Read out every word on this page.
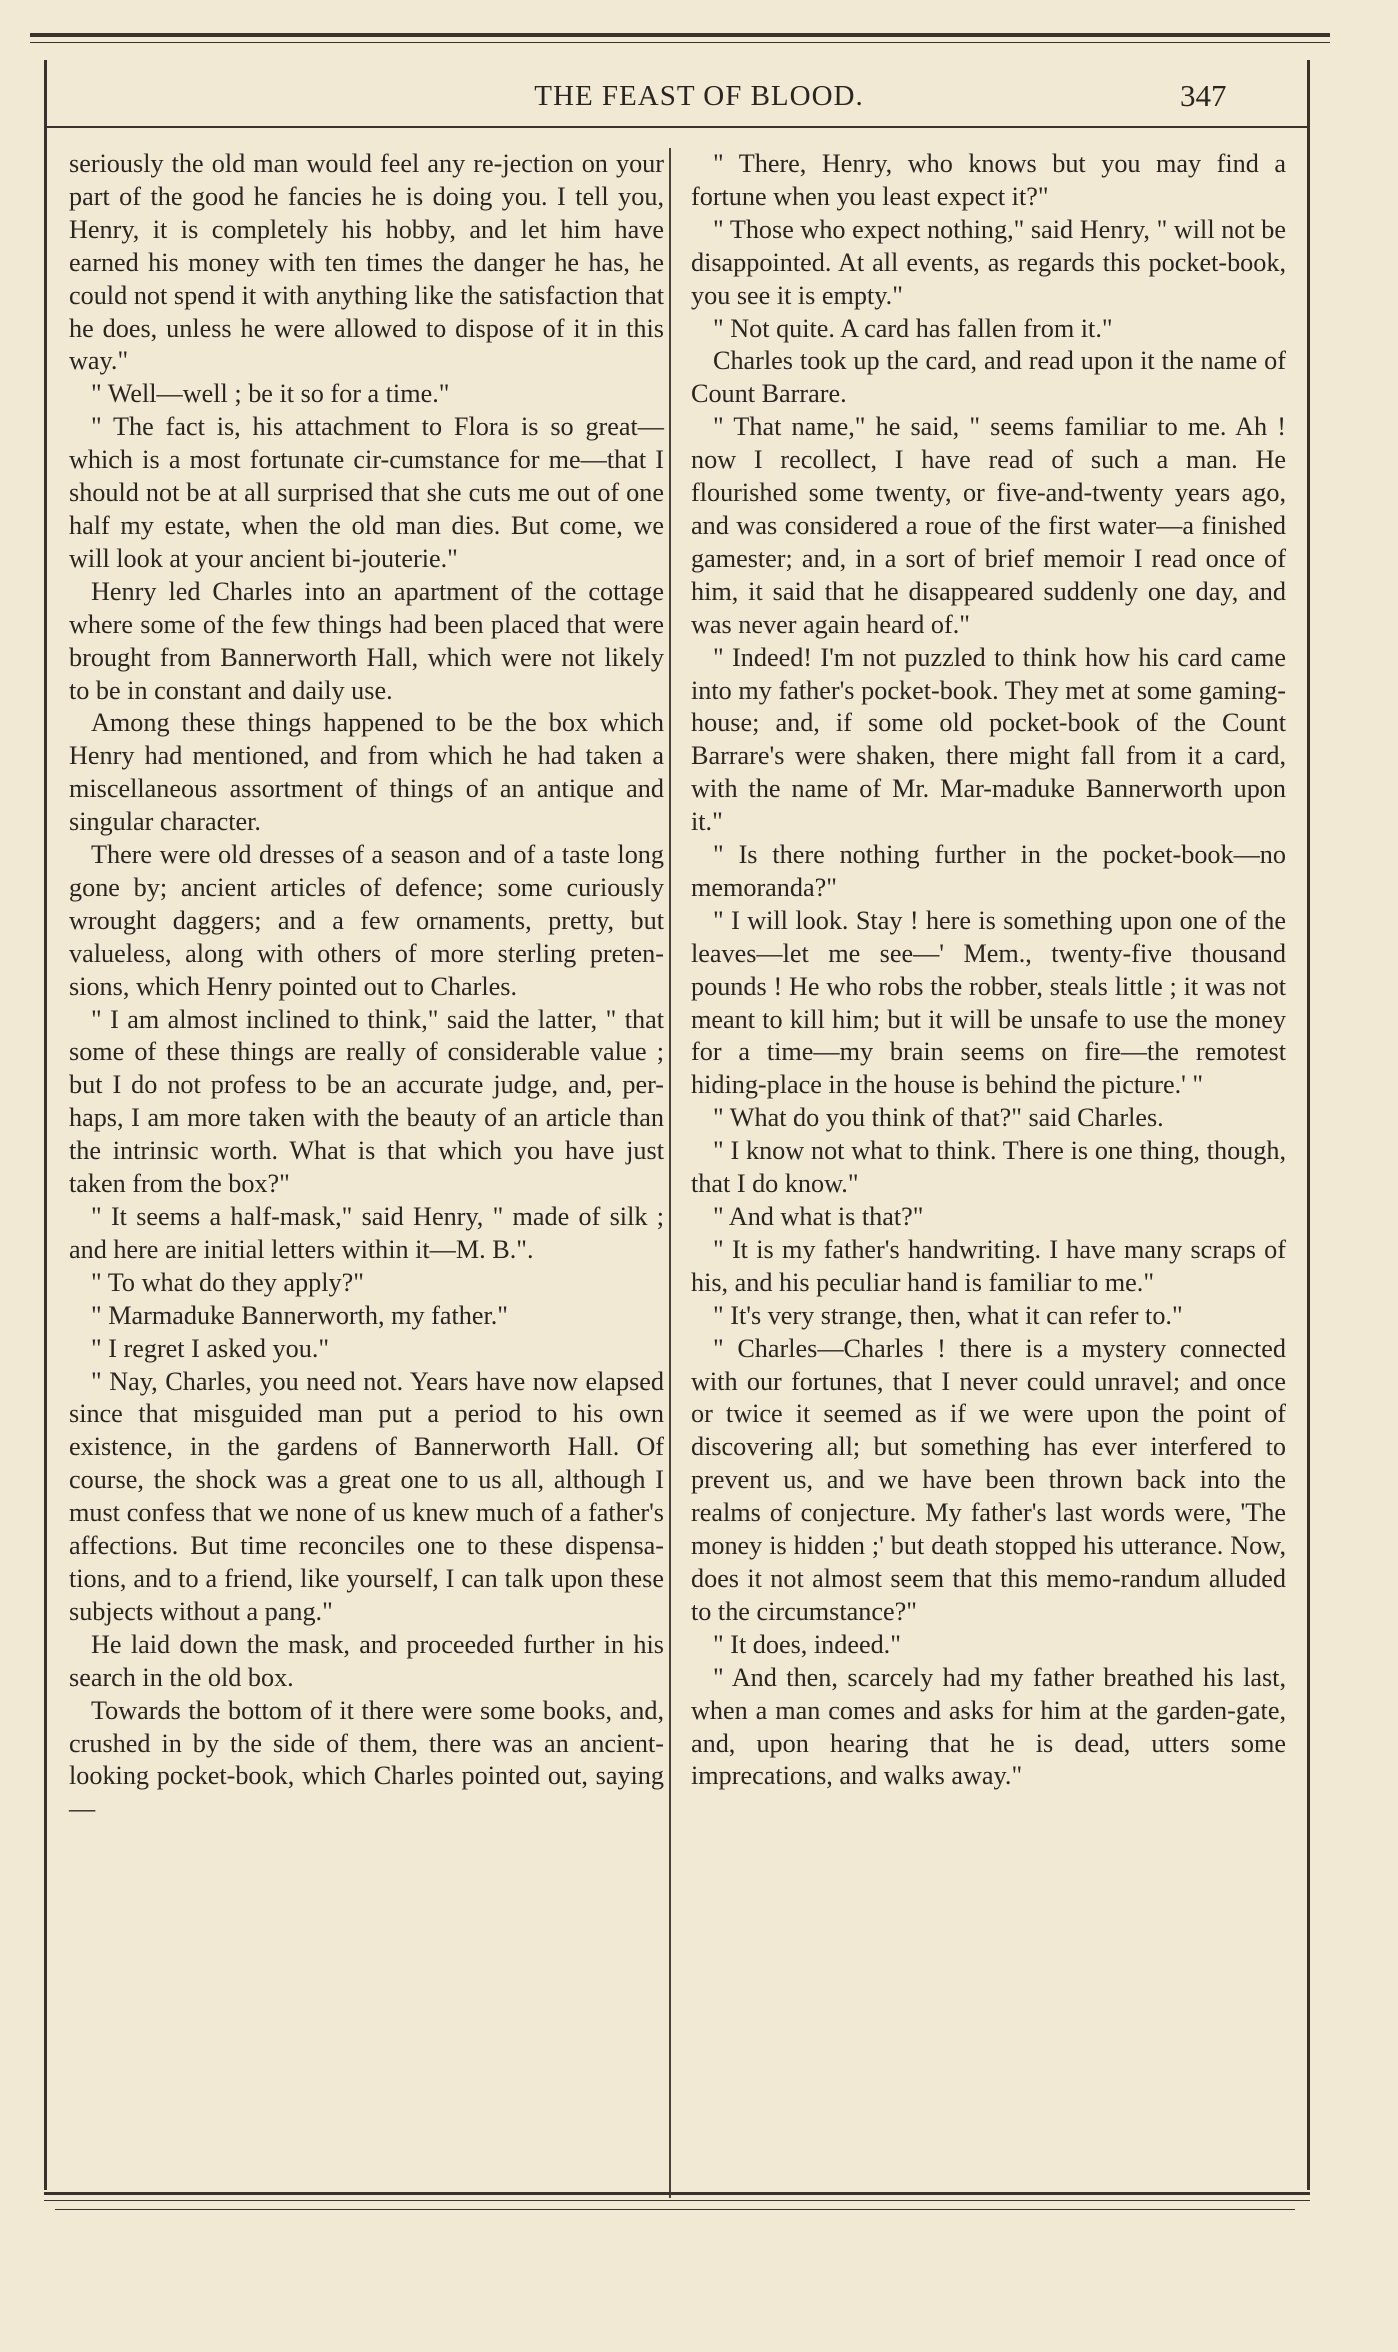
THE FEAST OF BLOOD.	347

seriously the old man would feel any re-jection on your part of the good he fancies he is doing you. I tell you, Henry, it is completely his hobby, and let him have earned his money with ten times the danger he has, he could not spend it with anything like the satisfaction that he does, unless he were allowed to dispose of it in this way."

" Well—well ; be it so for a time."

" The fact is, his attachment to Flora is so great—which is a most fortunate cir-cumstance for me—that I should not be at all surprised that she cuts me out of one half my estate, when the old man dies. But come, we will look at your ancient bi-jouterie."

Henry led Charles into an apartment of the cottage where some of the few things had been placed that were brought from Bannerworth Hall, which were not likely to be in constant and daily use.

Among these things happened to be the box which Henry had mentioned, and from which he had taken a miscellaneous assortment of things of an antique and singular character.

There were old dresses of a season and of a taste long gone by; ancient articles of defence; some curiously wrought daggers; and a few ornaments, pretty, but valueless, along with others of more sterling preten-sions, which Henry pointed out to Charles.

" I am almost inclined to think," said the latter, " that some of these things are really of considerable value ; but I do not profess to be an accurate judge, and, per-haps, I am more taken with the beauty of an article than the intrinsic worth. What is that which you have just taken from the box?"

" It seems a half-mask," said Henry, " made of silk ; and here are initial letters within it—M. B.".

" To what do they apply?"

" Marmaduke Bannerworth, my father."

" I regret I asked you."

" Nay, Charles, you need not. Years have now elapsed since that misguided man put a period to his own existence, in the gardens of Bannerworth Hall. Of course, the shock was a great one to us all, although I must confess that we none of us knew much of a father's affections. But time reconciles one to these dispensa-tions, and to a friend, like yourself, I can talk upon these subjects without a pang."

He laid down the mask, and proceeded further in his search in the old box.

Towards the bottom of it there were some books, and, crushed in by the side of them, there was an ancient-looking pocket-book, which Charles pointed out, saying—

" There, Henry, who knows but you may find a fortune when you least expect it?"

" Those who expect nothing," said Henry, " will not be disappointed. At all events, as regards this pocket-book, you see it is empty."

" Not quite. A card has fallen from it."

Charles took up the card, and read upon it the name of Count Barrare.

" That name," he said, " seems familiar to me. Ah ! now I recollect, I have read of such a man. He flourished some twenty, or five-and-twenty years ago, and was considered a roue of the first water—a finished gamester; and, in a sort of brief memoir I read once of him, it said that he disappeared suddenly one day, and was never again heard of."

" Indeed! I'm not puzzled to think how his card came into my father's pocket-book. They met at some gaming-house; and, if some old pocket-book of the Count Barrare's were shaken, there might fall from it a card, with the name of Mr. Mar-maduke Bannerworth upon it."

" Is there nothing further in the pocket-book—no memoranda?"

" I will look. Stay ! here is something upon one of the leaves—let me see—' Mem., twenty-five thousand pounds ! He who robs the robber, steals little ; it was not meant to kill him; but it will be unsafe to use the money for a time—my brain seems on fire—the remotest hiding-place in the house is behind the picture.' "

" What do you think of that?" said Charles.

" I know not what to think. There is one thing, though, that I do know."

" And what is that?"

" It is my father's handwriting. I have many scraps of his, and his peculiar hand is familiar to me."

" It's very strange, then, what it can refer to."

" Charles—Charles ! there is a mystery connected with our fortunes, that I never could unravel; and once or twice it seemed as if we were upon the point of discovering all; but something has ever interfered to prevent us, and we have been thrown back into the realms of conjecture. My father's last words were, 'The money is hidden ;' but death stopped his utterance. Now, does it not almost seem that this memo-randum alluded to the circumstance?"

" It does, indeed."

" And then, scarcely had my father breathed his last, when a man comes and asks for him at the garden-gate, and, upon hearing that he is dead, utters some imprecations, and walks away."
